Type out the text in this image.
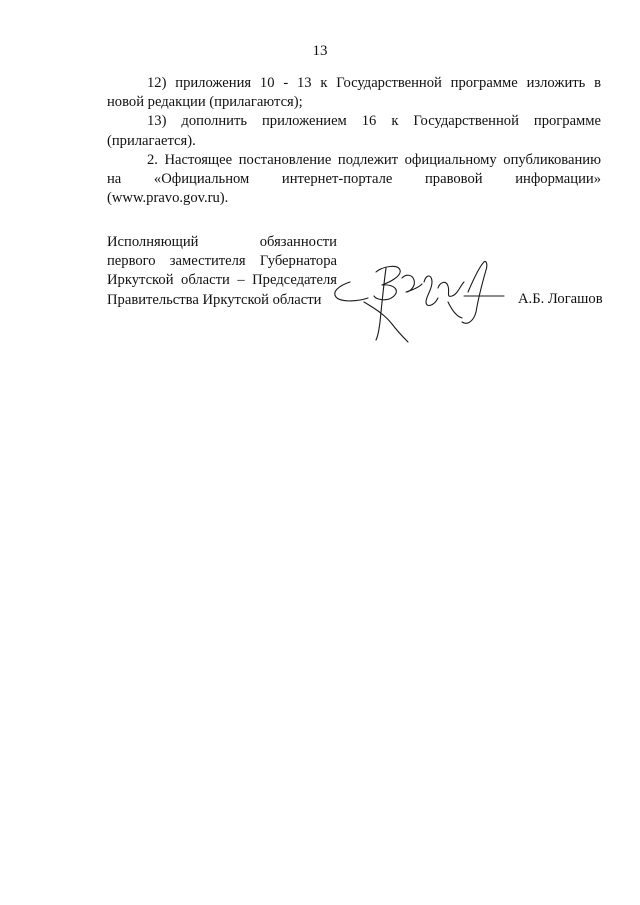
13

12) приложения 10 - 13 к Государственной программе изложить в
новой редакции (прилагаются);

13) дополнить приложением 16 к Государственной программе
(прилагается).

2. Настоящее постановление подлежит официальному опубликованию
на «Официальном интернет-портале правовой информации»
(www.pravo.gov.ru).

Исполняющий обязанности
первого заместителя Губернатора
Иркутской области – Председателя
Правительства Иркутской области	А.Б. Логашов
